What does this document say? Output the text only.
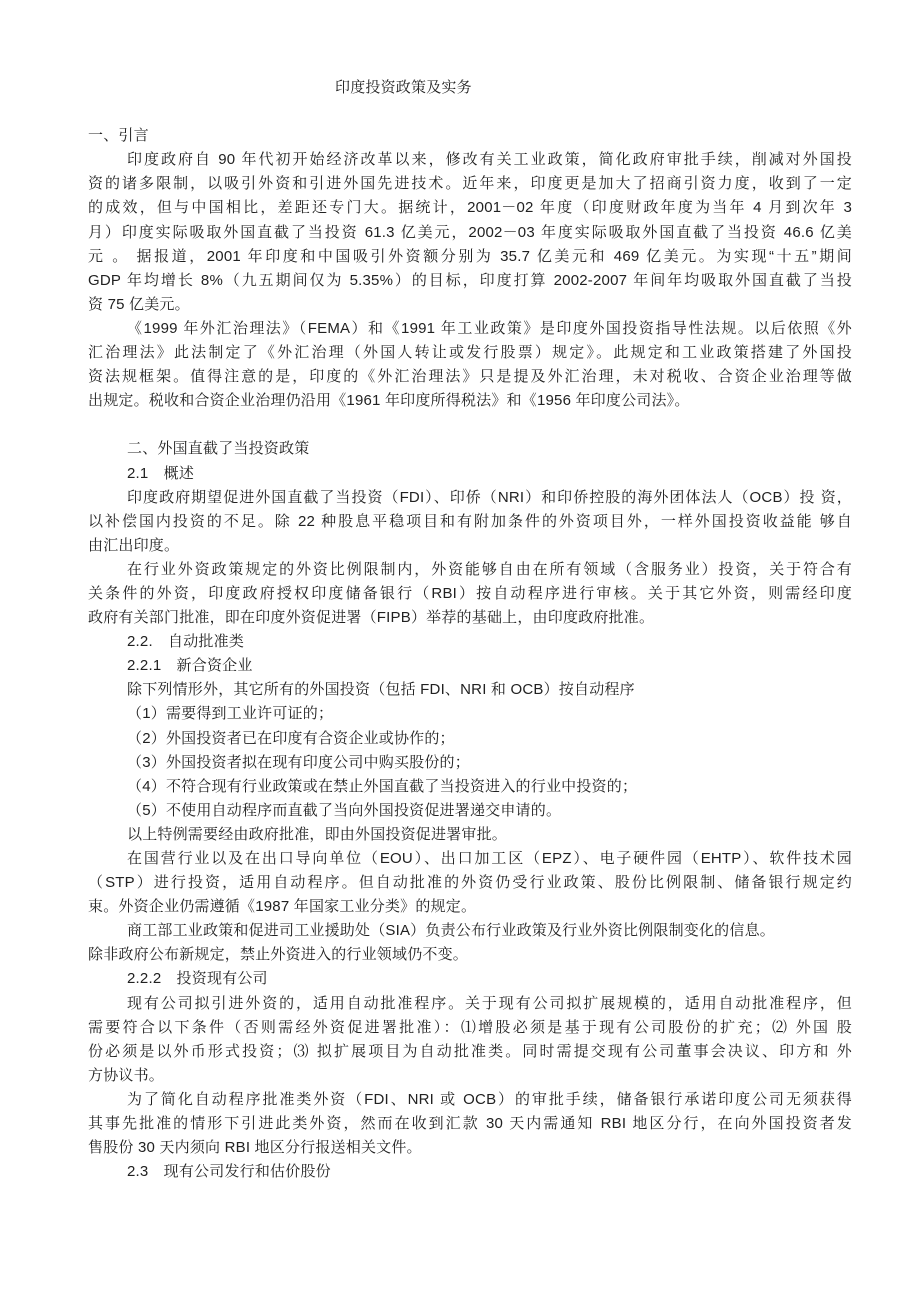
印度投资政策及实务

一、引言
印度政府自 90 年代初开始经济改革以来，修改有关工业政策，简化政府审批手续，削减对外国投
资的诸多限制，以吸引外资和引进外国先进技术。近年来，印度更是加大了招商引资力度，收到了一定
的成效，但与中国相比，差距还专门大。据统计，2001－02 年度（印度财政年度为当年 4 月到次年 3
月）印度实际吸取外国直截了当投资 61.3 亿美元，2002－03 年度实际吸取外国直截了当投资 46.6 亿美
元 。 据报道，2001 年印度和中国吸引外资额分别为 35.7 亿美元和 469 亿美元。为实现“十五”期间
GDP 年均增长 8%（九五期间仅为 5.35%）的目标，印度打算 2002-2007 年间年均吸取外国直截了当投
资 75 亿美元。
《1999 年外汇治理法》（FEMA）和《1991 年工业政策》是印度外国投资指导性法规。以后依照《外
汇治理法》此法制定了《外汇治理（外国人转让或发行股票）规定》。此规定和工业政策搭建了外国投
资法规框架。值得注意的是，印度的《外汇治理法》只是提及外汇治理，未对税收、合资企业治理等做
出规定。税收和合资企业治理仍沿用《1961 年印度所得税法》和《1956 年印度公司法》。

二、外国直截了当投资政策
2.1　概述
印度政府期望促进外国直截了当投资（FDI）、印侨（NRI）和印侨控股的海外团体法人（OCB）投 资，
以补偿国内投资的不足。除 22 种股息平稳项目和有附加条件的外资项目外，一样外国投资收益能 够自
由汇出印度。
在行业外资政策规定的外资比例限制内，外资能够自由在所有领域（含服务业）投资，关于符合有
关条件的外资，印度政府授权印度储备银行（RBI）按自动程序进行审核。关于其它外资，则需经印度
政府有关部门批准，即在印度外资促进署（FIPB）举荐的基础上，由印度政府批准。
2.2.　自动批准类
2.2.1　新合资企业
除下列情形外，其它所有的外国投资（包括 FDI、NRI 和 OCB）按自动程序
（1）需要得到工业许可证的；
（2）外国投资者已在印度有合资企业或协作的；
（3）外国投资者拟在现有印度公司中购买股份的；
（4）不符合现有行业政策或在禁止外国直截了当投资进入的行业中投资的；
（5）不使用自动程序而直截了当向外国投资促进署递交申请的。
以上特例需要经由政府批准，即由外国投资促进署审批。
在国营行业以及在出口导向单位（EOU）、出口加工区（EPZ）、电子硬件园（EHTP）、软件技术园
（STP）进行投资，适用自动程序。但自动批准的外资仍受行业政策、股份比例限制、储备银行规定约
束。外资企业仍需遵循《1987 年国家工业分类》的规定。
商工部工业政策和促进司工业援助处（SIA）负责公布行业政策及行业外资比例限制变化的信息。
除非政府公布新规定，禁止外资进入的行业领域仍不变。
2.2.2　投资现有公司
现有公司拟引进外资的，适用自动批准程序。关于现有公司拟扩展规模的，适用自动批准程序，但
需要符合以下条件（否则需经外资促进署批准）：⑴增股必须是基于现有公司股份的扩充；⑵ 外国 股
份必须是以外币形式投资；⑶ 拟扩展项目为自动批准类。同时需提交现有公司董事会决议、印方和 外
方协议书。
为了简化自动程序批准类外资（FDI、NRI 或 OCB）的审批手续，储备银行承诺印度公司无须获得
其事先批准的情形下引进此类外资，然而在收到汇款 30 天内需通知 RBI 地区分行，在向外国投资者发
售股份 30 天内须向 RBI 地区分行报送相关文件。
2.3　现有公司发行和估价股份
